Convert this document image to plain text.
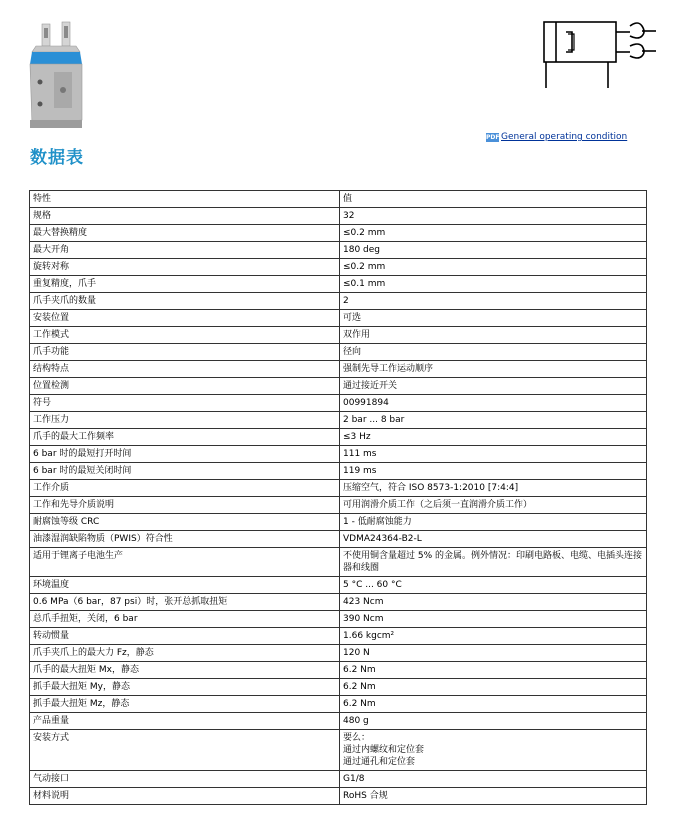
数据表
PDF General operating condition
特性	值
规格	32

最大替换精度	≤0.2 mm

最大开角	180 deg

旋转对称	≤0.2 mm

重复精度，爪手	≤0.1 mm

爪手夹爪的数量	2

安装位置	可选

工作模式	双作用

爪手功能	径向

结构特点	强制先导工作运动顺序

位置检测	通过接近开关

符号	00991894

工作压力	2 bar ... 8 bar

爪手的最大工作频率	≤3 Hz

6 bar 时的最短打开时间	111 ms

6 bar 时的最短关闭时间	119 ms

工作介质	压缩空气，符合 ISO 8573-1:2010 [7:4:4]

工作和先导介质说明	可用润滑介质工作（之后须一直润滑介质工作）

耐腐蚀等级 CRC	1 - 低耐腐蚀能力

油漆湿润缺陷物质（PWIS）符合性	VDMA24364-B2-L

适用于锂离子电池生产	不使用铜含量超过 5% 的金属。例外情况：印刷电路板、电缆、电插头连接器和线圈

环境温度	5 °C ... 60 °C

0.6 MPa（6 bar，87 psi）时，张开总抓取扭矩	423 Ncm

总爪手扭矩，关闭，6 bar	390 Ncm

转动惯量	1.66 kgcm²

爪手夹爪上的最大力 Fz，静态	120 N

爪手的最大扭矩 Mx，静态	6.2 Nm

抓手最大扭矩 My，静态	6.2 Nm

抓手最大扭矩 Mz，静态	6.2 Nm

产品重量	480 g

安装方式	要么：
通过内螺纹和定位套
通过通孔和定位套

气动接口	G1/8

材料说明	RoHS 合规
